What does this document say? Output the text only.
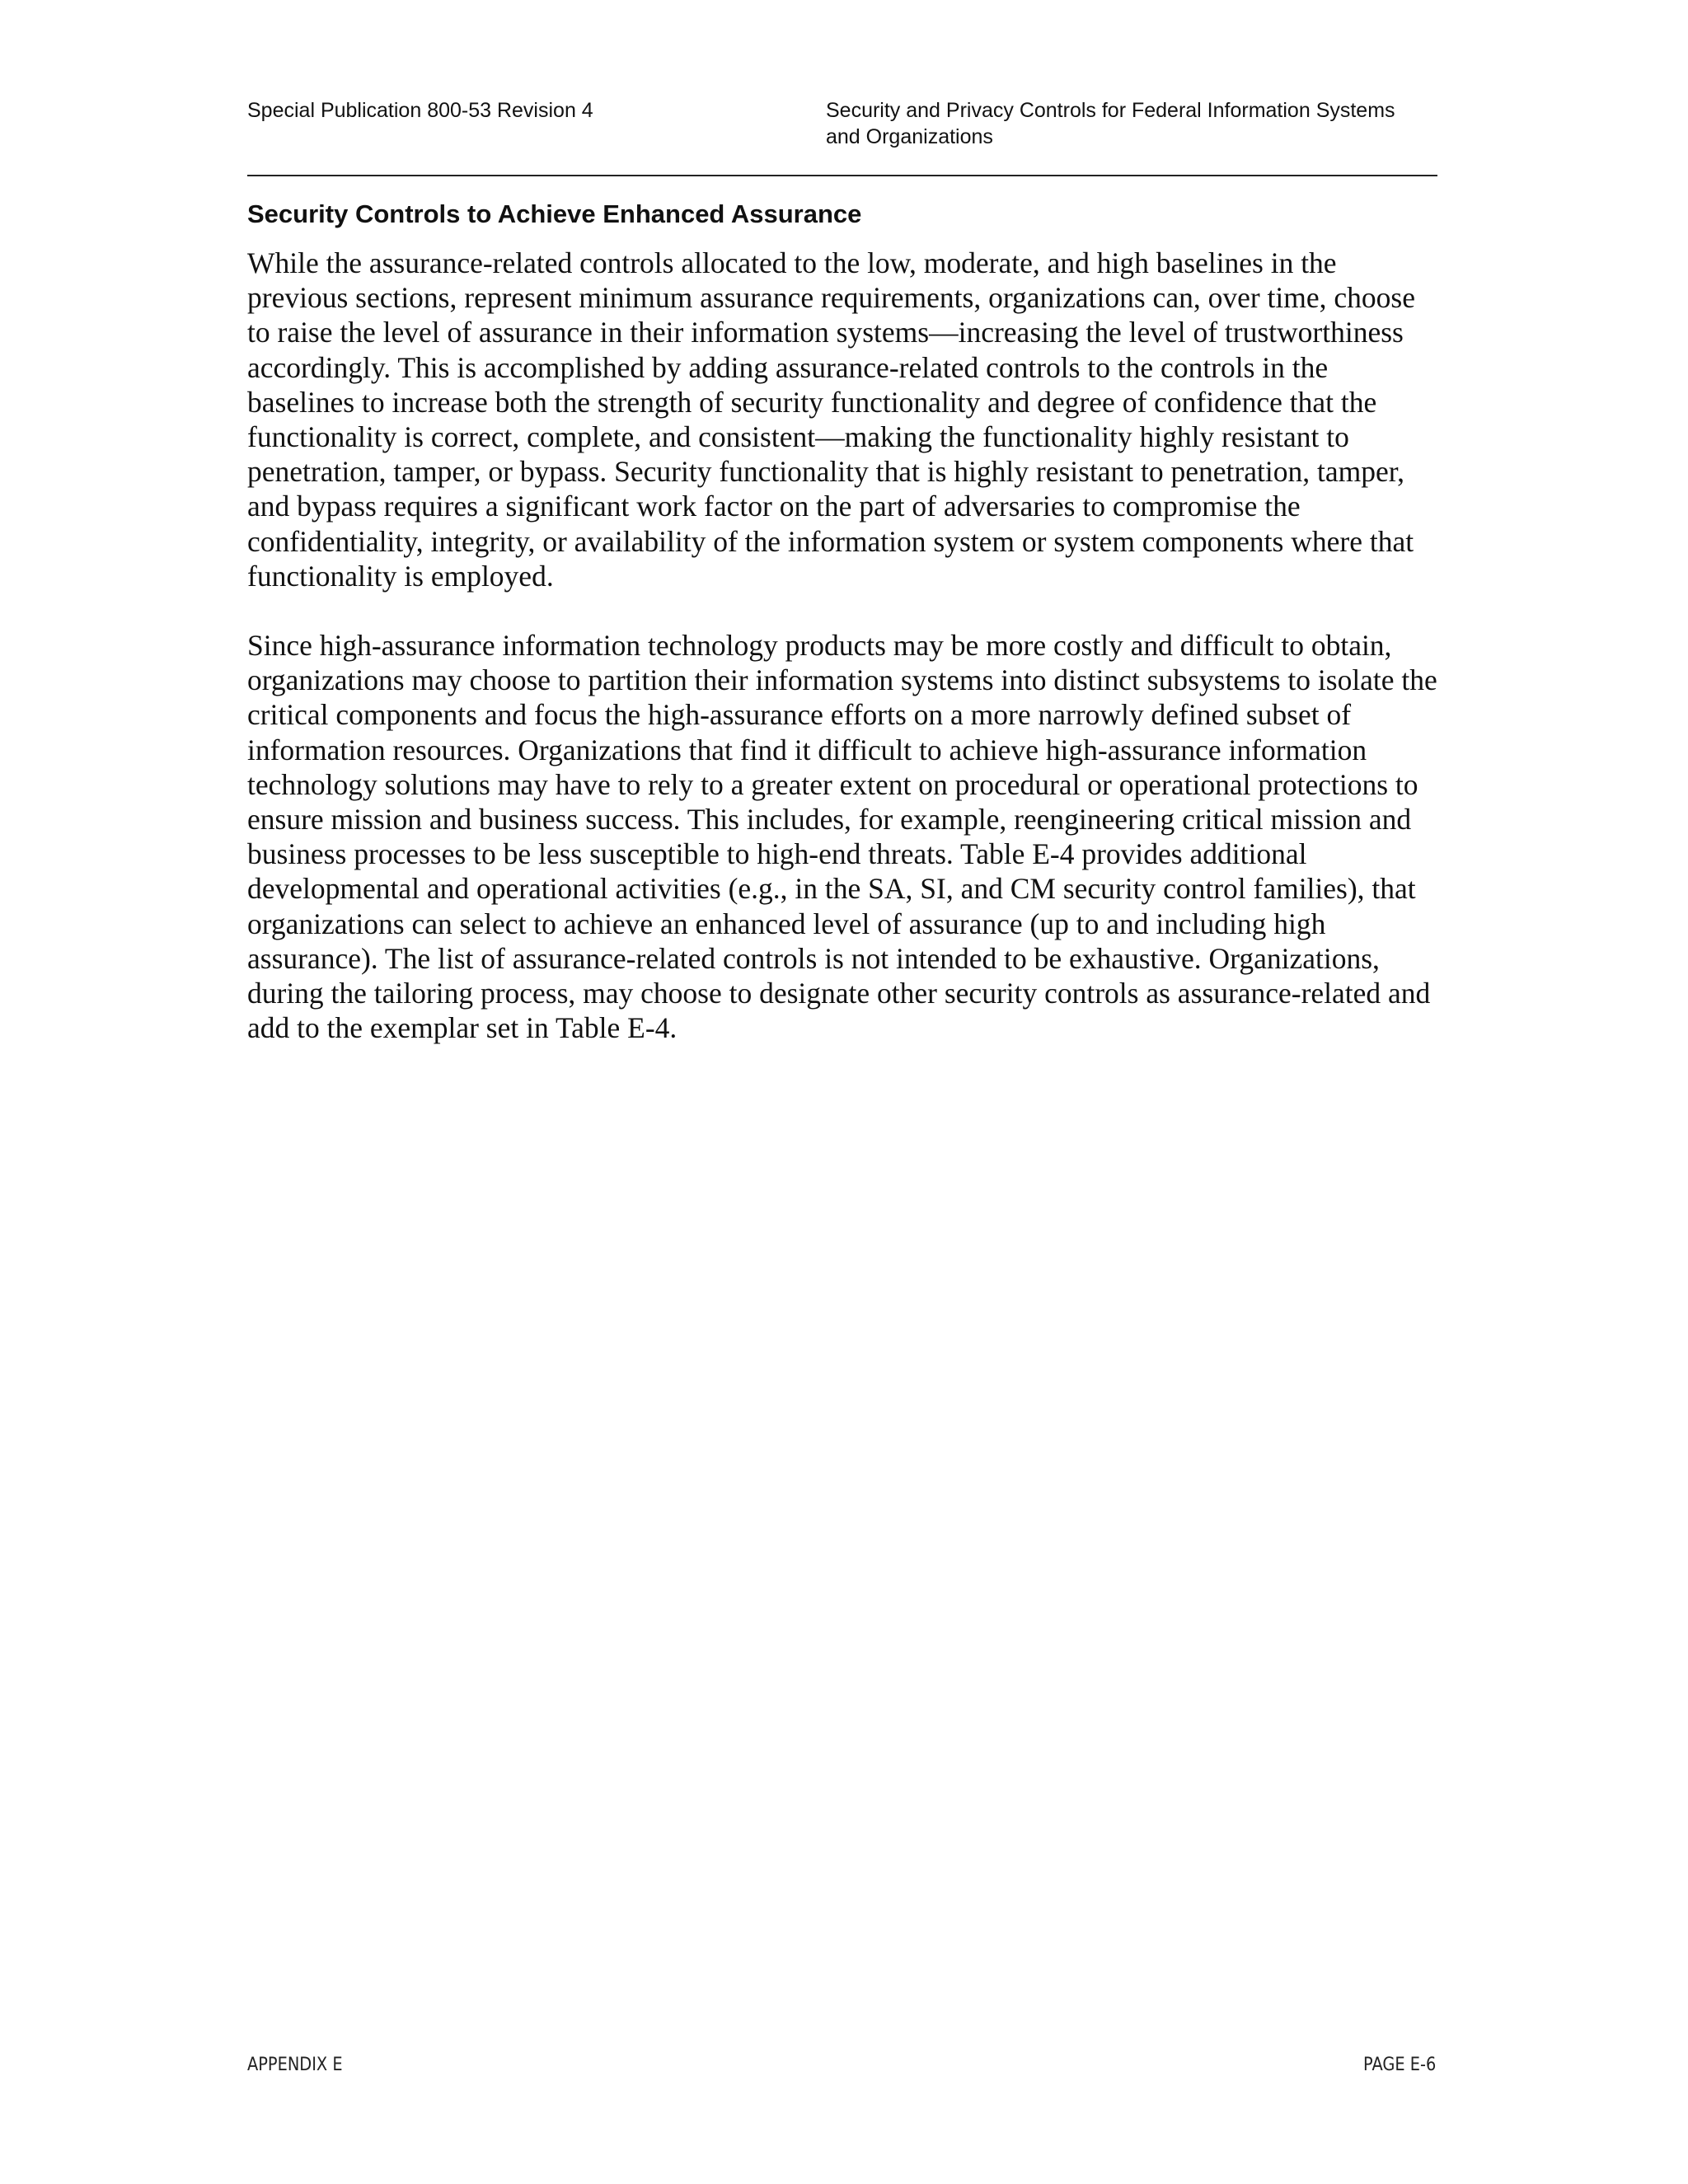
Special Publication 800-53 Revision 4	Security and Privacy Controls for Federal Information Systems
and Organizations
Security Controls to Achieve Enhanced Assurance

While the assurance-related controls allocated to the low, moderate, and high baselines in the previous sections, represent minimum assurance requirements, organizations can, over time, choose to raise the level of assurance in their information systems—increasing the level of trustworthiness accordingly. This is accomplished by adding assurance-related controls to the controls in the baselines to increase both the strength of security functionality and degree of confidence that the functionality is correct, complete, and consistent—making the functionality highly resistant to penetration, tamper, or bypass. Security functionality that is highly resistant to penetration, tamper, and bypass requires a significant work factor on the part of adversaries to compromise the confidentiality, integrity, or availability of the information system or system components where that functionality is employed.

Since high-assurance information technology products may be more costly and difficult to obtain, organizations may choose to partition their information systems into distinct subsystems to isolate the critical components and focus the high-assurance efforts on a more narrowly defined subset of information resources. Organizations that find it difficult to achieve high-assurance information technology solutions may have to rely to a greater extent on procedural or operational protections to ensure mission and business success. This includes, for example, reengineering critical mission and business processes to be less susceptible to high-end threats. Table E-4 provides additional developmental and operational activities (e.g., in the SA, SI, and CM security control families), that organizations can select to achieve an enhanced level of assurance (up to and including high assurance). The list of assurance-related controls is not intended to be exhaustive. Organizations, during the tailoring process, may choose to designate other security controls as assurance-related and add to the exemplar set in Table E-4.

APPENDIX E	PAGE E-6
